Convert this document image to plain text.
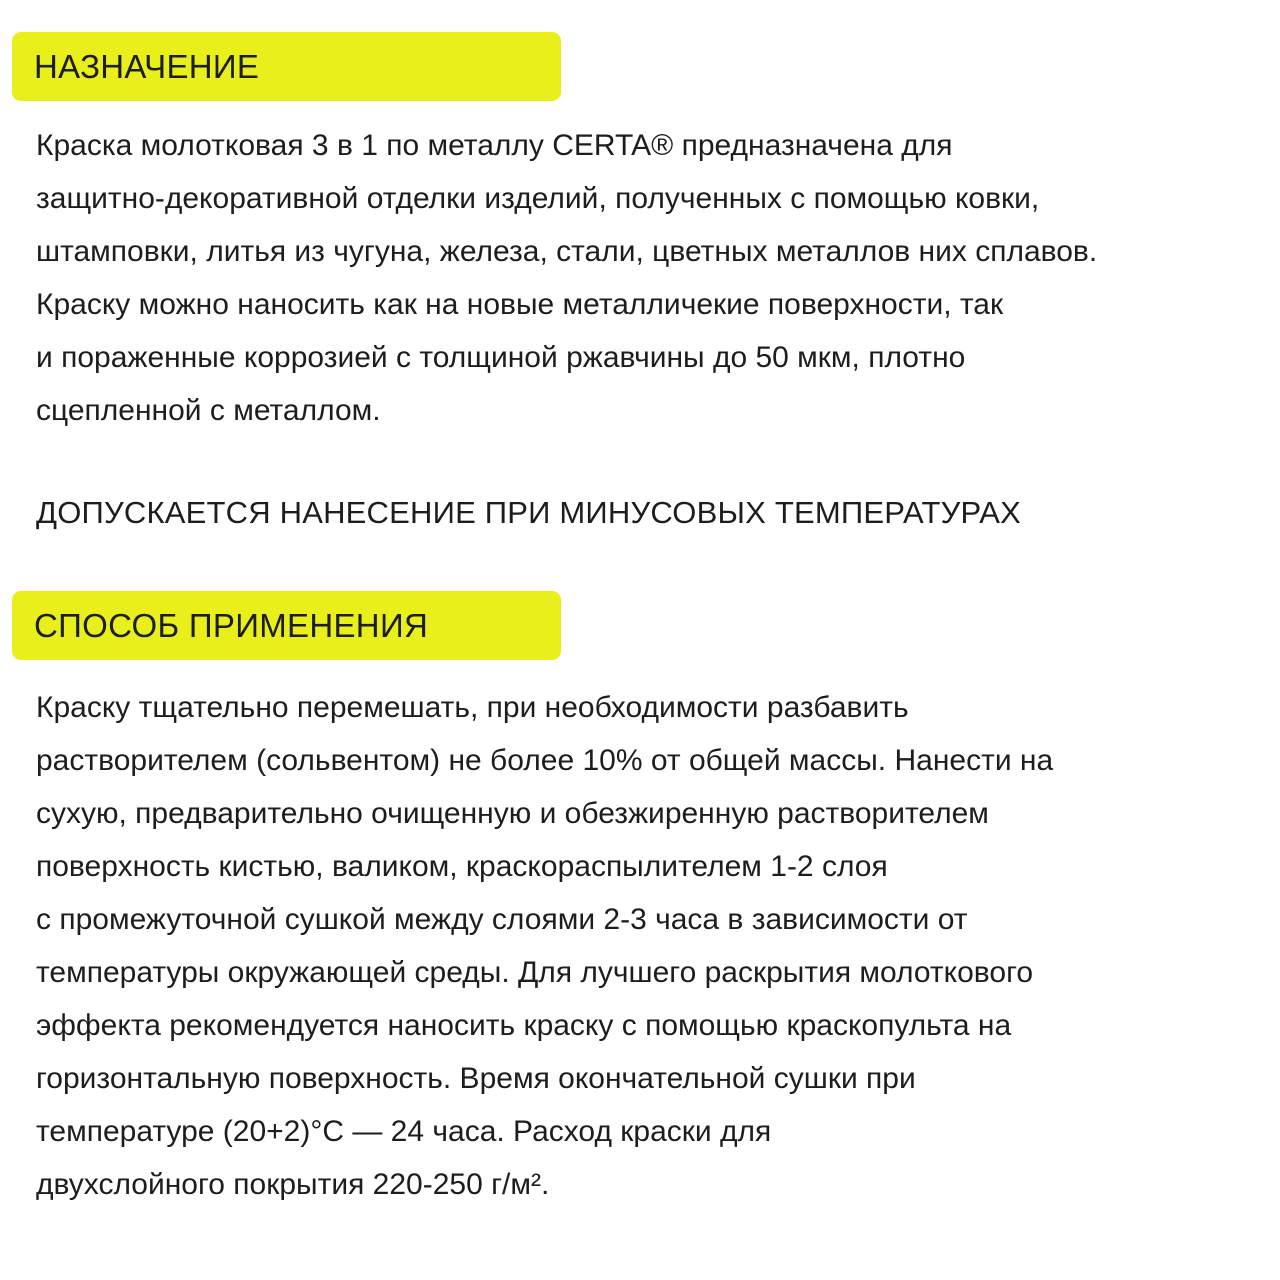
НАЗНАЧЕНИЕ
Краска молотковая 3 в 1 по металлу CERTA® предназначена для
защитно-декоративной отделки изделий, полученных с помощью ковки,
штамповки, литья из чугуна, железа, стали, цветных металлов них сплавов.
Краску можно наносить как на новые металличекие поверхности, так
и пораженные коррозией с толщиной ржавчины до 50 мкм, плотно
сцепленной с металлом.
ДОПУСКАЕТСЯ НАНЕСЕНИЕ ПРИ МИНУСОВЫХ ТЕМПЕРАТУРАХ
СПОСОБ ПРИМЕНЕНИЯ
Краску тщательно перемешать, при необходимости разбавить
растворителем (сольвентом) не более 10% от общей массы. Нанести на
сухую, предварительно очищенную и обезжиренную растворителем
поверхность кистью, валиком, краскораспылителем 1-2 слоя
с промежуточной сушкой между слоями 2-3 часа в зависимости от
температуры окружающей среды. Для лучшего раскрытия молоткового
эффекта рекомендуется наносить краску с помощью краскопульта на
горизонтальную поверхность. Время окончательной сушки при
температуре (20+2)°C — 24 часа. Расход краски для
двухслойного покрытия 220-250 г/м².
